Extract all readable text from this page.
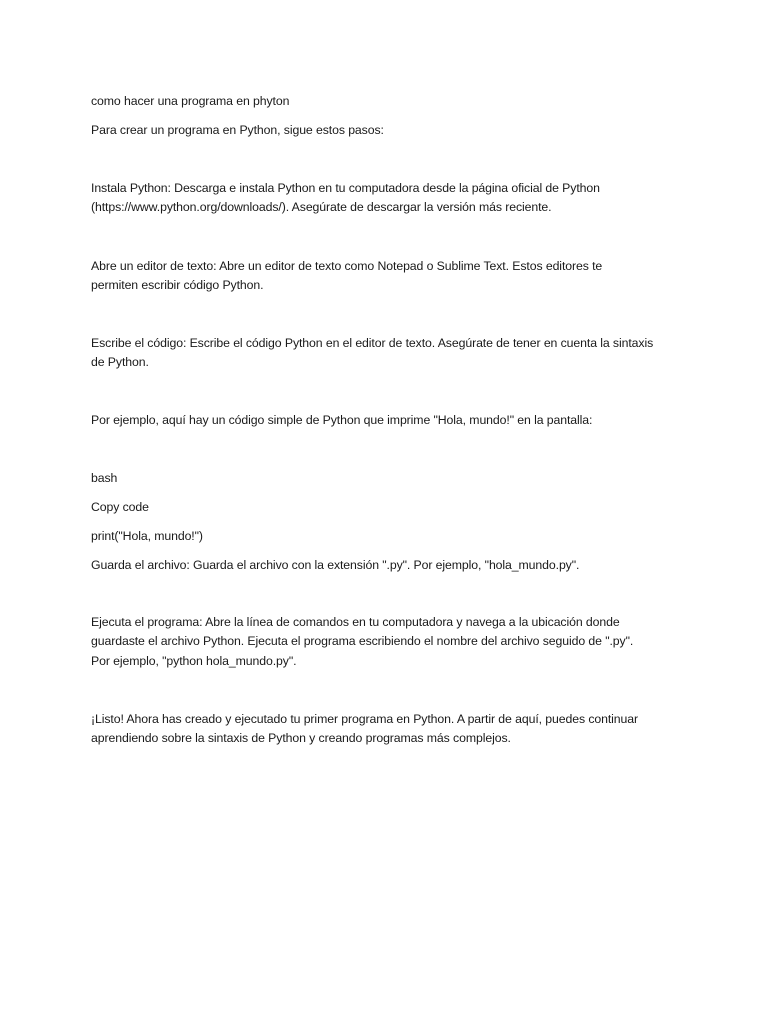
como hacer una programa en phyton

Para crear un programa en Python, sigue estos pasos:

Instala Python: Descarga e instala Python en tu computadora desde la página oficial de Python

(https://www.python.org/downloads/). Asegúrate de descargar la versión más reciente.

Abre un editor de texto: Abre un editor de texto como Notepad o Sublime Text. Estos editores te

permiten escribir código Python.

Escribe el código: Escribe el código Python en el editor de texto. Asegúrate de tener en cuenta la sintaxis

de Python.

Por ejemplo, aquí hay un código simple de Python que imprime "Hola, mundo!" en la pantalla:

bash

Copy code

print("Hola, mundo!")

Guarda el archivo: Guarda el archivo con la extensión ".py". Por ejemplo, "hola_mundo.py".

Ejecuta el programa: Abre la línea de comandos en tu computadora y navega a la ubicación donde

guardaste el archivo Python. Ejecuta el programa escribiendo el nombre del archivo seguido de ".py".

Por ejemplo, "python hola_mundo.py".

¡Listo! Ahora has creado y ejecutado tu primer programa en Python. A partir de aquí, puedes continuar

aprendiendo sobre la sintaxis de Python y creando programas más complejos.
